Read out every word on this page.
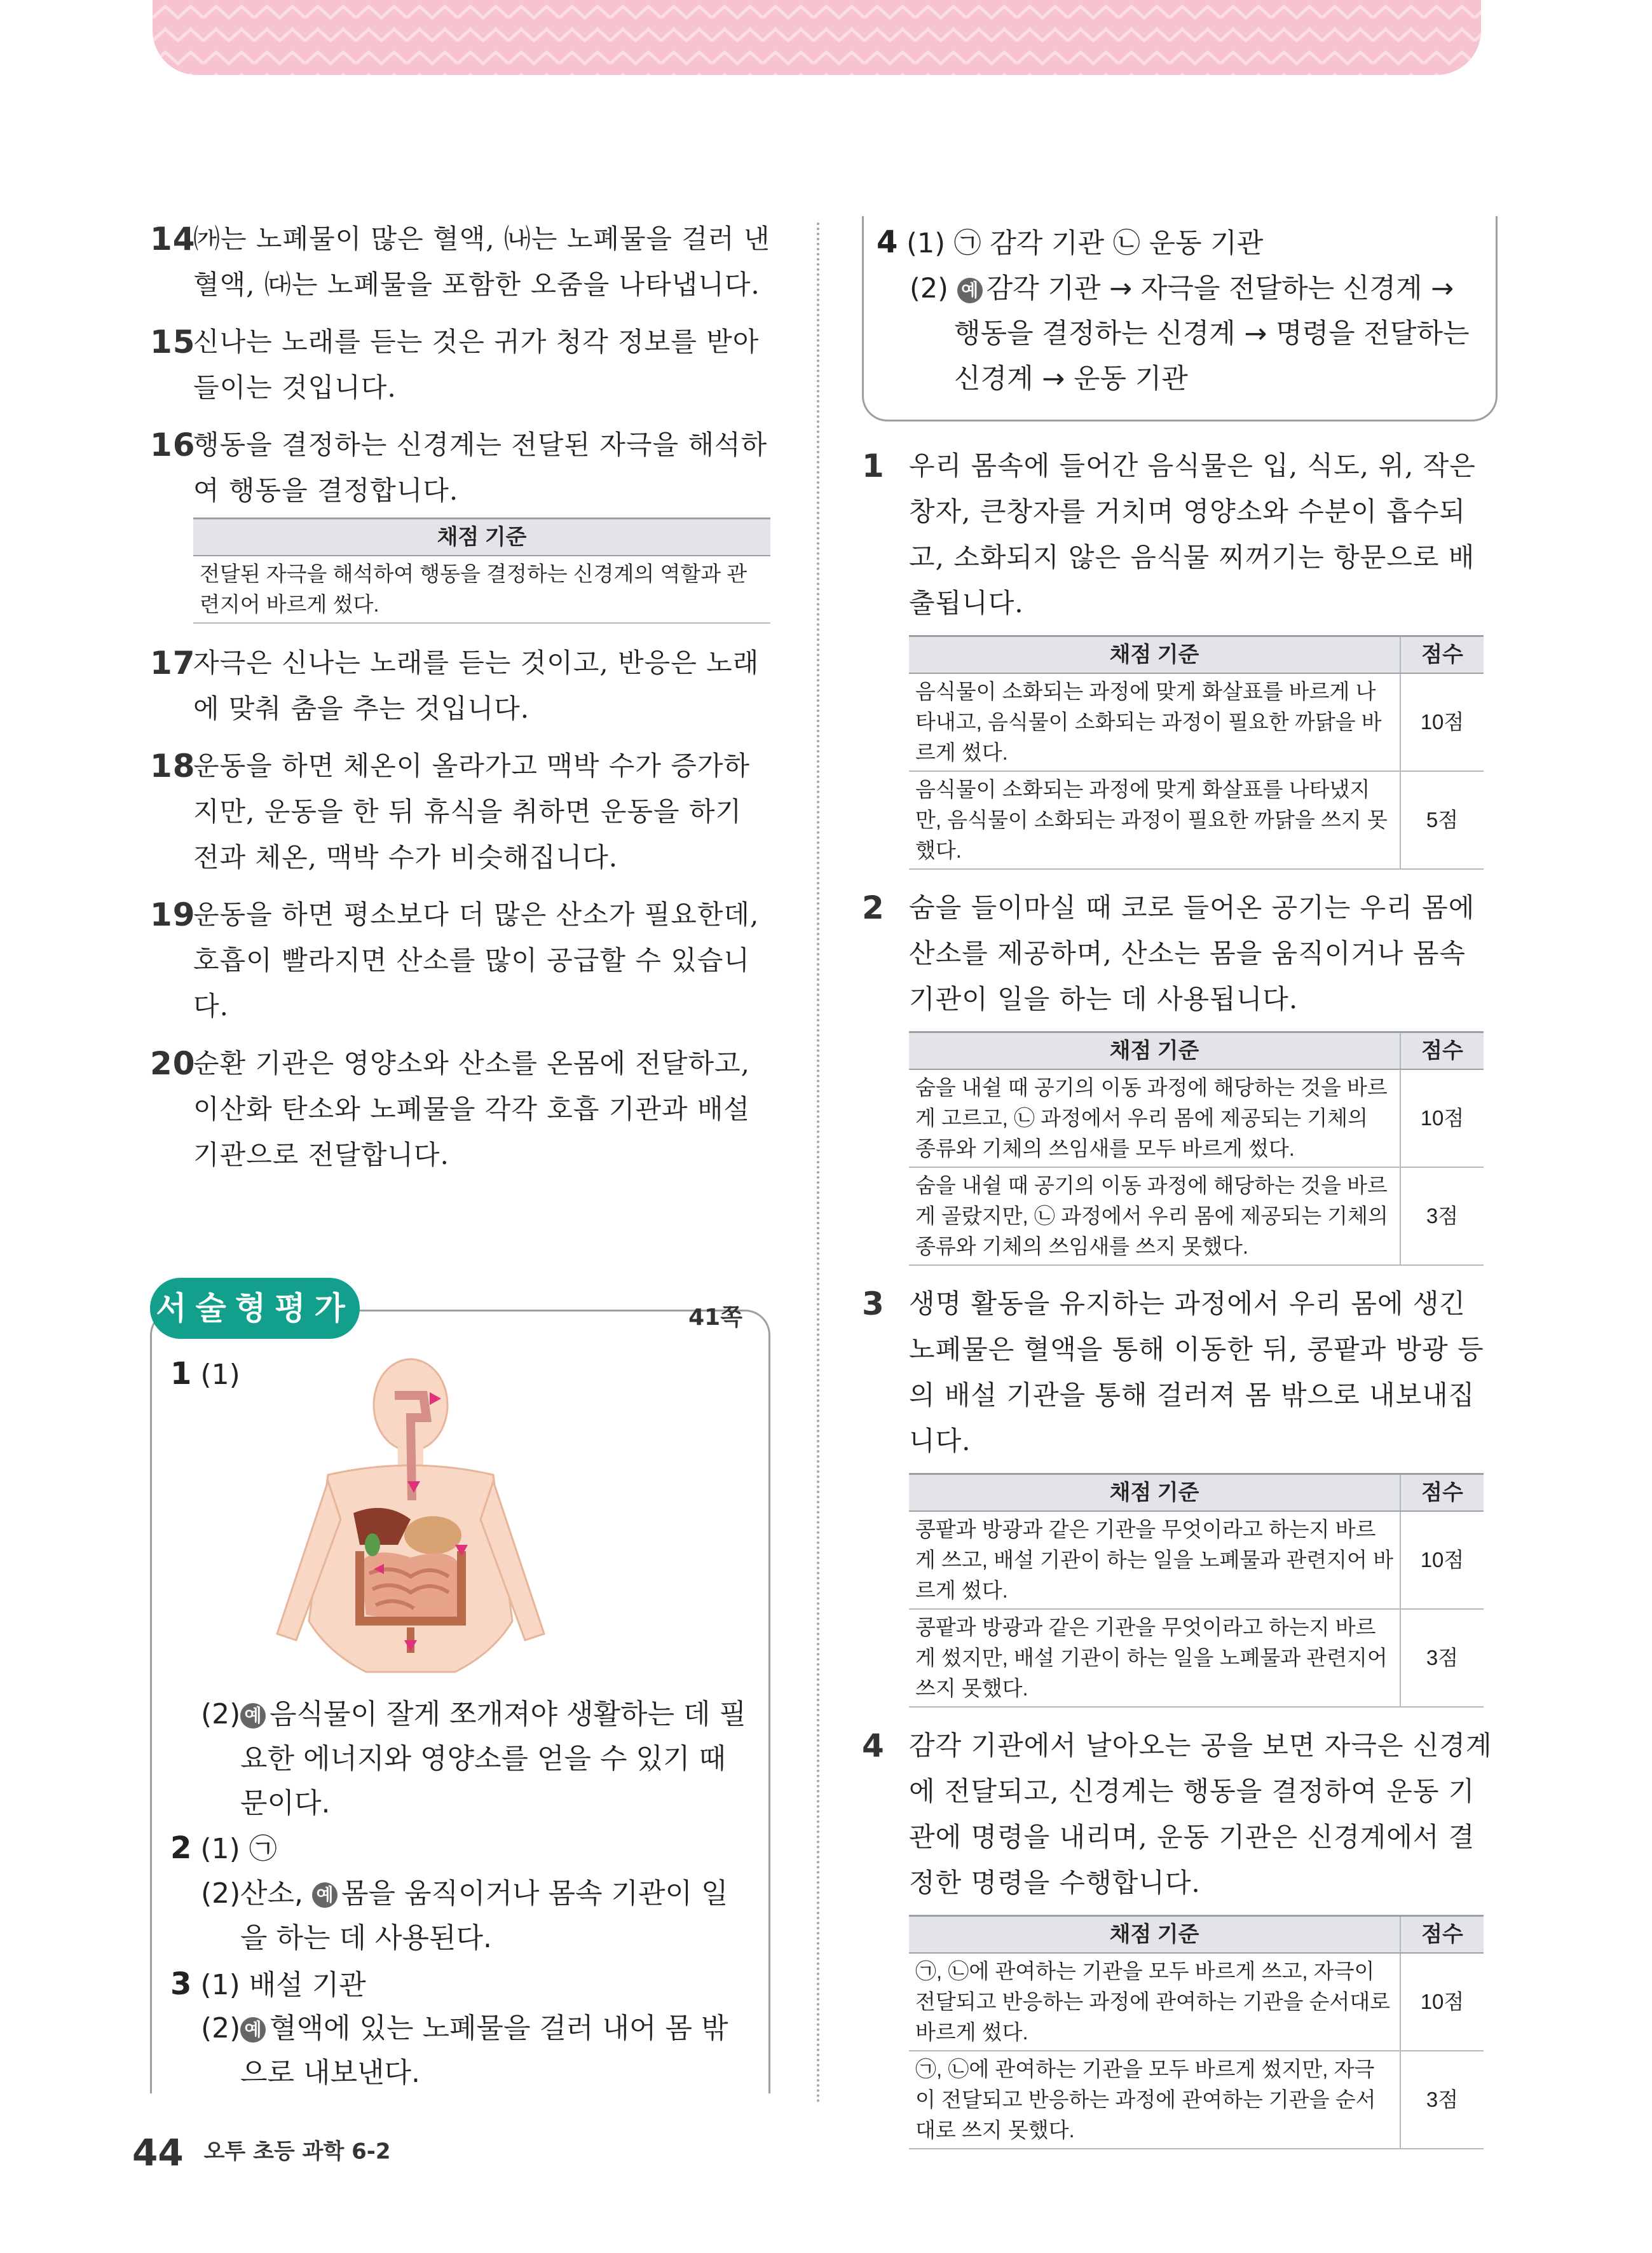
14
㈎는 노폐물이 많은 혈액, ㈏는 노폐물을 걸러 낸 혈액, ㈐는 노폐물을 포함한 오줌을 나타냅니다.
15
신나는 노래를 듣는 것은 귀가 청각 정보를 받아들이는 것입니다.
16
행동을 결정하는 신경계는 전달된 자극을 해석하여 행동을 결정합니다.
채점 기준
전달된 자극을 해석하여 행동을 결정하는 신경계의 역할과 관련지어 바르게 썼다.
17
자극은 신나는 노래를 듣는 것이고, 반응은 노래에 맞춰 춤을 추는 것입니다.
18
운동을 하면 체온이 올라가고 맥박 수가 증가하지만, 운동을 한 뒤 휴식을 취하면 운동을 하기 전과 체온, 맥박 수가 비슷해집니다.
19
운동을 하면 평소보다 더 많은 산소가 필요한데, 호흡이 빨라지면 산소를 많이 공급할 수 있습니다.
20
순환 기관은 영양소와 산소를 온몸에 전달하고, 이산화 탄소와 노폐물을 각각 호흡 기관과 배설 기관으로 전달합니다.
서술형평가	41쪽
1 (1)
(2) 예 음식물이 잘게 쪼개져야 생활하는 데 필요한 에너지와 영양소를 얻을 수 있기 때문이다.
2 (1) ㉠
(2) 산소, 예 몸을 움직이거나 몸속 기관이 일을 하는 데 사용된다.
3 (1) 배설 기관
(2) 예 혈액에 있는 노폐물을 걸러 내어 몸 밖으로 내보낸다.
4 (1) ㉠ 감각 기관 ㉡ 운동 기관
(2) 예 감각 기관 → 자극을 전달하는 신경계 →
행동을 결정하는 신경계 → 명령을 전달하는
신경계 → 운동 기관
1 우리 몸속에 들어간 음식물은 입, 식도, 위, 작은창자, 큰창자를 거치며 영양소와 수분이 흡수되고, 소화되지 않은 음식물 찌꺼기는 항문으로 배출됩니다.
채점 기준	점수
음식물이 소화되는 과정에 맞게 화살표를 바르게 나타내고, 음식물이 소화되는 과정이 필요한 까닭을 바르게 썼다.	10점
음식물이 소화되는 과정에 맞게 화살표를 나타냈지만, 음식물이 소화되는 과정이 필요한 까닭을 쓰지 못했다.	5점
2 숨을 들이마실 때 코로 들어온 공기는 우리 몸에 산소를 제공하며, 산소는 몸을 움직이거나 몸속 기관이 일을 하는 데 사용됩니다.
채점 기준	점수
숨을 내쉴 때 공기의 이동 과정에 해당하는 것을 바르게 고르고, ㉡ 과정에서 우리 몸에 제공되는 기체의 종류와 기체의 쓰임새를 모두 바르게 썼다.	10점
숨을 내쉴 때 공기의 이동 과정에 해당하는 것을 바르게 골랐지만, ㉡ 과정에서 우리 몸에 제공되는 기체의 종류와 기체의 쓰임새를 쓰지 못했다.	3점
3 생명 활동을 유지하는 과정에서 우리 몸에 생긴 노폐물은 혈액을 통해 이동한 뒤, 콩팥과 방광 등의 배설 기관을 통해 걸러져 몸 밖으로 내보내집니다.
채점 기준	점수
콩팥과 방광과 같은 기관을 무엇이라고 하는지 바르게 쓰고, 배설 기관이 하는 일을 노폐물과 관련지어 바르게 썼다.	10점
콩팥과 방광과 같은 기관을 무엇이라고 하는지 바르게 썼지만, 배설 기관이 하는 일을 노폐물과 관련지어 쓰지 못했다.	3점
4 감각 기관에서 날아오는 공을 보면 자극은 신경계에 전달되고, 신경계는 행동을 결정하여 운동 기관에 명령을 내리며, 운동 기관은 신경계에서 결정한 명령을 수행합니다.
채점 기준	점수
㉠, ㉡에 관여하는 기관을 모두 바르게 쓰고, 자극이 전달되고 반응하는 과정에 관여하는 기관을 순서대로 바르게 썼다.	10점
㉠, ㉡에 관여하는 기관을 모두 바르게 썼지만, 자극이 전달되고 반응하는 과정에 관여하는 기관을 순서대로 쓰지 못했다.	3점
44 오투 초등 과학 6-2
